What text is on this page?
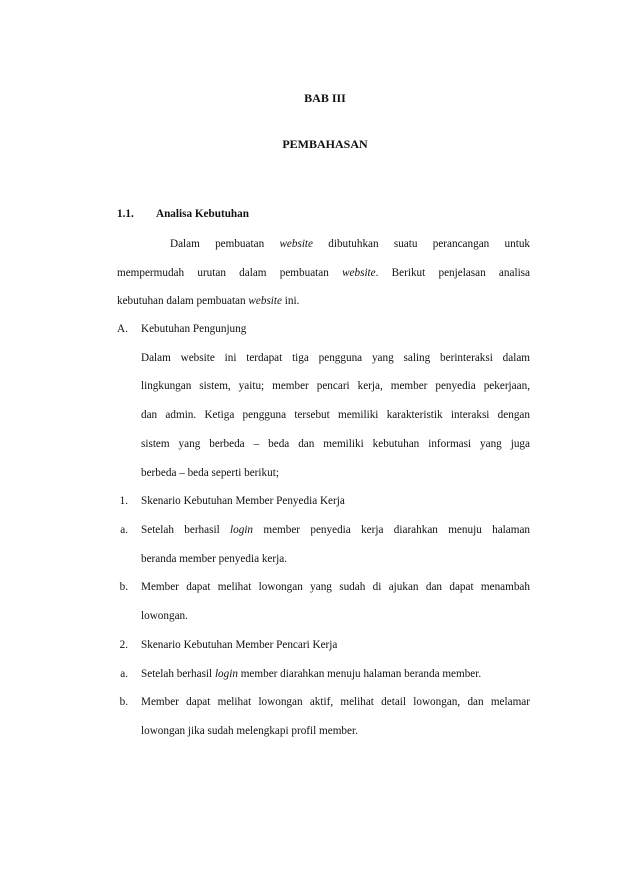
BAB III
PEMBAHASAN
1.1. Analisa Kebutuhan
Dalam pembuatan website dibutuhkan suatu perancangan untuk
mempermudah urutan dalam pembuatan website. Berikut penjelasan analisa
kebutuhan dalam pembuatan website ini.
A. Kebutuhan Pengunjung
Dalam website ini terdapat tiga pengguna yang saling berinteraksi dalam
lingkungan sistem, yaitu; member pencari kerja, member penyedia pekerjaan,
dan admin. Ketiga pengguna tersebut memiliki karakteristik interaksi dengan
sistem yang berbeda – beda dan memiliki kebutuhan informasi yang juga
berbeda – beda seperti berikut;
1. Skenario Kebutuhan Member Penyedia Kerja
a. Setelah berhasil login member penyedia kerja diarahkan menuju halaman
beranda member penyedia kerja.
b. Member dapat melihat lowongan yang sudah di ajukan dan dapat menambah
lowongan.
2. Skenario Kebutuhan Member Pencari Kerja
a. Setelah berhasil login member diarahkan menuju halaman beranda member.
b. Member dapat melihat lowongan aktif, melihat detail lowongan, dan melamar
lowongan jika sudah melengkapi profil member.
